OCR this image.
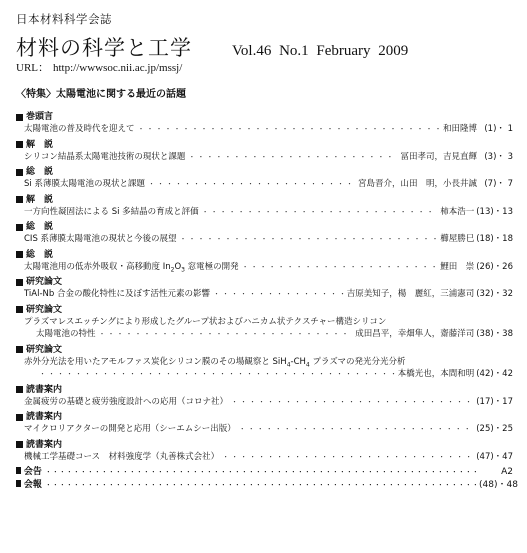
日本材料科学会誌
材料の科学と工学	Vol.46 No.1 February 2009
URL： http://wwwsoc.nii.ac.jp/mssj/
〈特集〉太陽電池に関する最近の話題
巻頭言
太陽電池の普及時代を迎えて ・・・・・・・・・・・・・・・・・・・・・・・・・・・・・・・・・・・・・・・・・・・・・・・・・・・・・・・・・・・・・・・・・・・・・・・・・・・・・・・・・・・・・・・・・・・・・・・	和田隆博 (1)・ 1
解　説
シリコン結晶系太陽電池技術の現状と課題 ・・・・・・・・・・・・・・・・・・・・・・・・・・・・・・・・・・・・・・・・・・・・・・・・・・・・・・・・・・・・・・・・・・・・・・・・・・・・・・・・・・・・・・・・・・・・・・・	冨田孝司，吉見直輝 (3)・ 3
総　説
Si 系薄膜太陽電池の現状と課題 ・・・・・・・・・・・・・・・・・・・・・・・・・・・・・・・・・・・・・・・・・・・・・・・・・・・・・・・・・・・・・・・・・・・・・・・・・・・・・・・・・・・・・・・・・・・・・・・	宮島晋介，山田　明，小長井誠 (7)・ 7
解　説
一方向性凝固法による Si 多結晶の育成と評価 ・・・・・・・・・・・・・・・・・・・・・・・・・・・・・・・・・・・・・・・・・・・・・・・・・・・・・・・・・・・・・・・・・・・・・・・・・・・・・・・・・・・・・・・・・・・・・・・	柿本浩一 (13)・13
総　説
CIS 系薄膜太陽電池の現状と今後の展望 ・・・・・・・・・・・・・・・・・・・・・・・・・・・・・・・・・・・・・・・・・・・・・・・・・・・・・・・・・・・・・・・・・・・・・・・・・・・・・・・・・・・・・・・・・・・・・・・	櫛屋勝巳 (18)・18
総　説
太陽電池用の低赤外吸収・高移動度 $In_2O_3$ 窓電極の開発 ・・・・・・・・・・・・・・・・・・・・・・・・・・・・・・・・・・・・・・・・・・・・・・・・・・・・・・・・・・・・・・・・・・・・・・・・・・・・・・・・・・・・・・・・・・・・・・・	鯉田　崇 (26)・26
研究論文
TiAl-Nb 合金の酸化特性に及ぼす活性元素の影響 ・・・・・・・・・・・・・・・・・・・・・・・・・・・・・・・・・・・・・・・・・・・・・・・・・・・・・・・・・・・・・・・・・・・・・・・・・・・・・・・・・・・・・・・・・・・・・・・	吉原美知子，楊　麗紅，三浦憲司 (32)・32
研究論文
プラズマレスエッチングにより形成したグループ状およびハニカム状テクスチャー構造シリコン
太陽電池の特性 ・・・・・・・・・・・・・・・・・・・・・・・・・・・・・・・・・・・・・・・・・・・・・・・・・・・・・・・・・・・・・・・・・・・・・・・・・・・・・・・・・・・・・・・・・・・・・・・	成田昌平，幸畑隼人，齋藤洋司 (38)・38
研究論文
赤外分光法を用いたアモルファス炭化シリコン膜のその場観察と $SiH_4-CH_4$ プラズマの発光分光分析
・・・・・・・・・・・・・・・・・・・・・・・・・・・・・・・・・・・・・・・・・・・・・・・・・・・・・・・・・・・・・・・・・・・・・・・・・・・・・・・・・・・・・・・・・・・・・・・
本橋光也，本間和明 (42)・42
読書案内
金属疲労の基礎と疲労強度設計への応用（コロナ社） ・・・・・・・・・・・・・・・・・・・・・・・・・・・・・・・・・・・・・・・・・・・・・・・・・・・・・・・・・・・・・・・・・・・・・・・・・・・・・・・・・・・・・・・・・・・・・・・	(17)・17
読書案内
マイクロリアクターの開発と応用（シーエムシー出版） ・・・・・・・・・・・・・・・・・・・・・・・・・・・・・・・・・・・・・・・・・・・・・・・・・・・・・・・・・・・・・・・・・・・・・・・・・・・・・・・・・・・・・・・・・・・・・・・	(25)・25
読書案内
機械工学基礎コース　材料強度学（丸善株式会社） ・・・・・・・・・・・・・・・・・・・・・・・・・・・・・・・・・・・・・・・・・・・・・・・・・・・・・・・・・・・・・・・・・・・・・・・・・・・・・・・・・・・・・・・・・・・・・・・	(47)・47
会告 ・・・・・・・・・・・・・・・・・・・・・・・・・・・・・・・・・・・・・・・・・・・・・・・・・・・・・・・・・・・・・・・・・・・・・・・・・・・・・・・・・・・・・・・・	A2
会報 ・・・・・・・・・・・・・・・・・・・・・・・・・・・・・・・・・・・・・・・・・・・・・・・・・・・・・・・・・・・・・・・・・・・・・・・・・・・・・・・・・・・・・・・・	(48)・48
